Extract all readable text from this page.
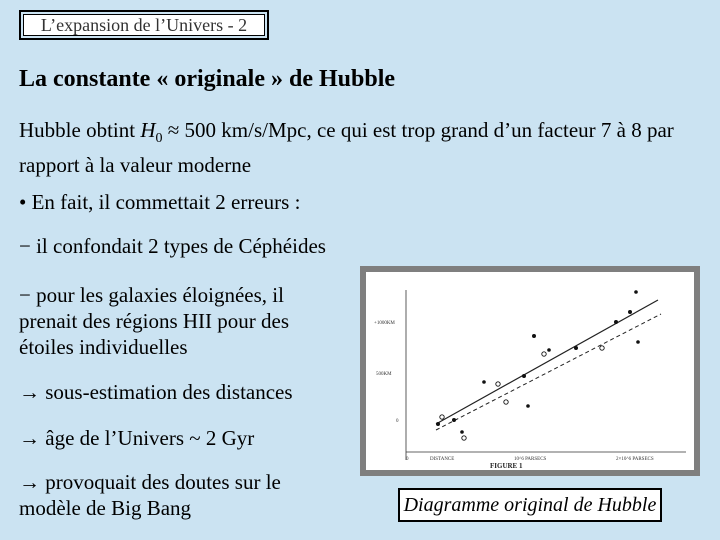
L’expansion de l’Univers - 2
La constante « originale » de Hubble

Hubble obtint $H_0 \approx 500$ km/s/Mpc, ce qui est trop grand d’un facteur 7 à 8 par rapport à la valeur moderne

• En fait, il commettait 2 erreurs :

− il confondait 2 types de Céphéides

− pour les galaxies éloignées, il prenait des régions HII pour des étoiles individuelles

→ sous-estimation des distances

→ âge de l’Univers ~ 2 Gyr

→ provoquait des doutes sur le modèle de Big Bang

+1000KM
500KM
0
0	DISTANCE	10^6 PARSECS	2×10^6 PARSECS
FIGURE 1
Diagramme original de Hubble
